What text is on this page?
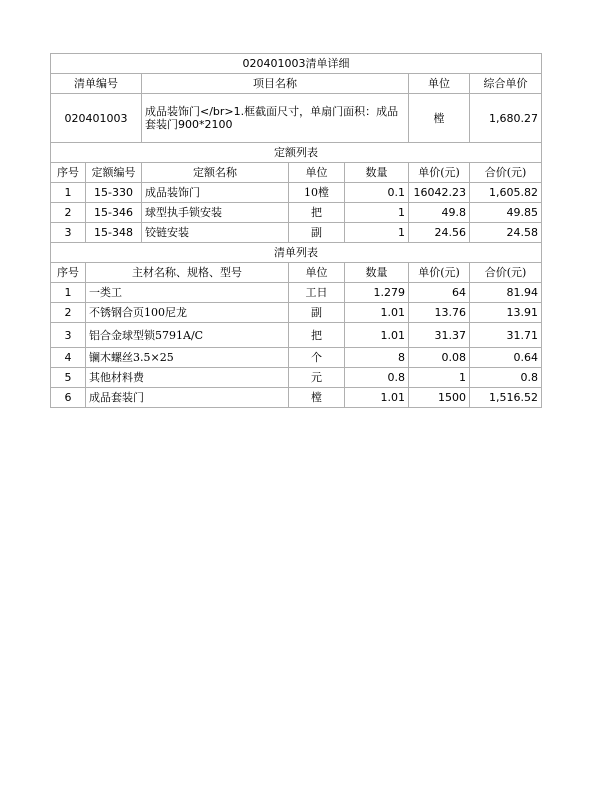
020401003清单详细						
清单编号		项目名称			单位	综合单价
020401003		成品装饰门</br>1.框截面尺寸，单扇门面积：成品套装门900*2100			樘	1,680.27
定额列表						
序号	定额编号	定额名称	单位	数量	单价(元)	合价(元)
1	15-330	成品装饰门	10樘	0.1	16042.23	1,605.82
2	15-346	球型执手锁安装	把	1	49.8	49.85
3	15-348	铰链安装	副	1	24.56	24.58
清单列表						
序号	主材名称、规格、型号		单位	数量	单价(元)	合价(元)
1	一类工		工日	1.279	64	81.94
2	不锈钢合页100尼龙		副	1.01	13.76	13.91
3	铝合金球型锁5791A/C		把	1.01	31.37	31.71
4	镧木螺丝3.5×25		个	8	0.08	0.64
5	其他材料费		元	0.8	1	0.8
6	成品套装门		樘	1.01	1500	1,516.52
